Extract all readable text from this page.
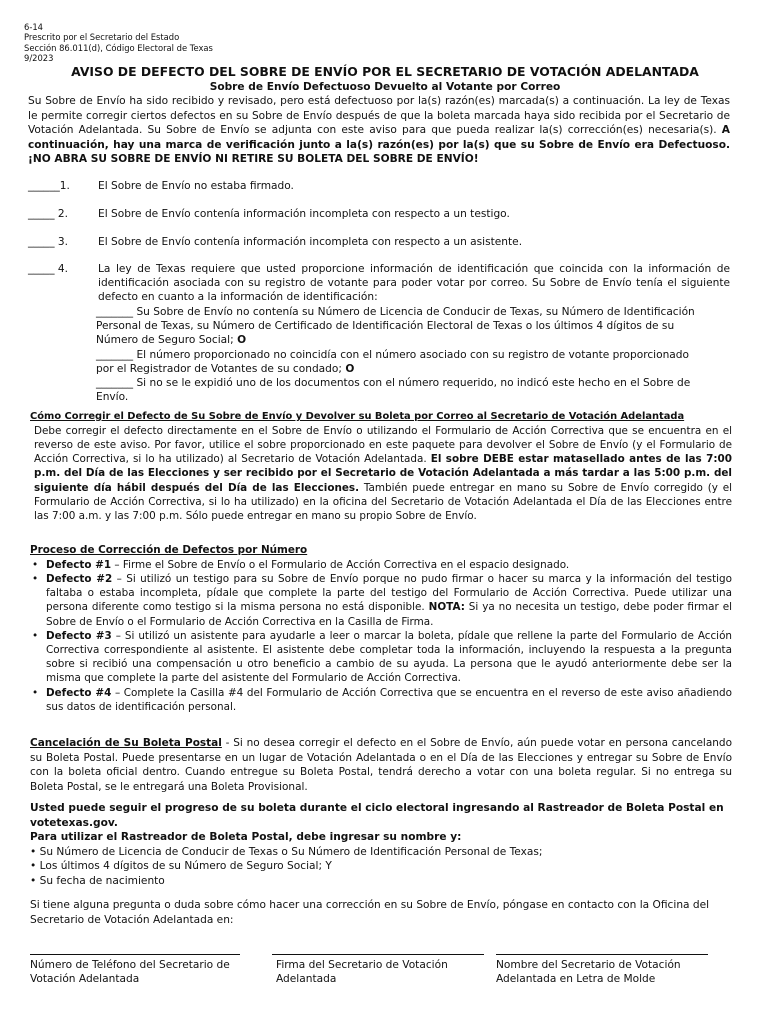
6-14
Prescrito por el Secretario del Estado
Sección 86.011(d), Código Electoral de Texas
9/2023
AVISO DE DEFECTO DEL SOBRE DE ENVÍO POR EL SECRETARIO DE VOTACIÓN ADELANTADA
Sobre de Envío Defectuoso Devuelto al Votante por Correo
Su Sobre de Envío ha sido recibido y revisado, pero está defectuoso por la(s) razón(es) marcada(s) a continuación. La ley de Texas le permite corregir ciertos defectos en su Sobre de Envío después de que la boleta marcada haya sido recibida por el Secretario de Votación Adelantada. Su Sobre de Envío se adjunta con este aviso para que pueda realizar la(s) corrección(es) necesaria(s). A continuación, hay una marca de verificación junto a la(s) razón(es) por la(s) que su Sobre de Envío era Defectuoso. ¡NO ABRA SU SOBRE DE ENVÍO NI RETIRE SU BOLETA DEL SOBRE DE ENVÍO!
______1.	El Sobre de Envío no estaba firmado.
_____ 2.	El Sobre de Envío contenía información incompleta con respecto a un testigo.
_____ 3.	El Sobre de Envío contenía información incompleta con respecto a un asistente.
_____ 4.	La ley de Texas requiere que usted proporcione información de identificación que coincida con la información de identificación asociada con su registro de votante para poder votar por correo. Su Sobre de Envío tenía el siguiente defecto en cuanto a la información de identificación:
_______ Su Sobre de Envío no contenía su Número de Licencia de Conducir de Texas, su Número de Identificación Personal de Texas, su Número de Certificado de Identificación Electoral de Texas o los últimos 4 dígitos de su Número de Seguro Social; O
_______ El número proporcionado no coincidía con el número asociado con su registro de votante proporcionado por el Registrador de Votantes de su condado; O
_______ Si no se le expidió uno de los documentos con el número requerido, no indicó este hecho en el Sobre de Envío.
Cómo Corregir el Defecto de Su Sobre de Envío y Devolver su Boleta por Correo al Secretario de Votación Adelantada
Debe corregir el defecto directamente en el Sobre de Envío o utilizando el Formulario de Acción Correctiva que se encuentra en el reverso de este aviso. Por favor, utilice el sobre proporcionado en este paquete para devolver el Sobre de Envío (y el Formulario de Acción Correctiva, si lo ha utilizado) al Secretario de Votación Adelantada. El sobre DEBE estar matasellado antes de las 7:00 p.m. del Día de las Elecciones y ser recibido por el Secretario de Votación Adelantada a más tardar a las 5:00 p.m. del siguiente día hábil después del Día de las Elecciones. También puede entregar en mano su Sobre de Envío corregido (y el Formulario de Acción Correctiva, si lo ha utilizado) en la oficina del Secretario de Votación Adelantada el Día de las Elecciones entre las 7:00 a.m. y las 7:00 p.m. Sólo puede entregar en mano su propio Sobre de Envío.
Proceso de Corrección de Defectos por Número
• Defecto #1 – Firme el Sobre de Envío o el Formulario de Acción Correctiva en el espacio designado.
• Defecto #2 – Si utilizó un testigo para su Sobre de Envío porque no pudo firmar o hacer su marca y la información del testigo faltaba o estaba incompleta, pídale que complete la parte del testigo del Formulario de Acción Correctiva. Puede utilizar una persona diferente como testigo si la misma persona no está disponible. NOTA: Si ya no necesita un testigo, debe poder firmar el Sobre de Envío o el Formulario de Acción Correctiva en la Casilla de Firma.
• Defecto #3 – Si utilizó un asistente para ayudarle a leer o marcar la boleta, pídale que rellene la parte del Formulario de Acción Correctiva correspondiente al asistente. El asistente debe completar toda la información, incluyendo la respuesta a la pregunta sobre si recibió una compensación u otro beneficio a cambio de su ayuda. La persona que le ayudó anteriormente debe ser la misma que complete la parte del asistente del Formulario de Acción Correctiva.
• Defecto #4 – Complete la Casilla #4 del Formulario de Acción Correctiva que se encuentra en el reverso de este aviso añadiendo sus datos de identificación personal.
Cancelación de Su Boleta Postal - Si no desea corregir el defecto en el Sobre de Envío, aún puede votar en persona cancelando su Boleta Postal. Puede presentarse en un lugar de Votación Adelantada o en el Día de las Elecciones y entregar su Sobre de Envío con la boleta oficial dentro. Cuando entregue su Boleta Postal, tendrá derecho a votar con una boleta regular. Si no entrega su Boleta Postal, se le entregará una Boleta Provisional.
Usted puede seguir el progreso de su boleta durante el ciclo electoral ingresando al Rastreador de Boleta Postal en votetexas.gov.
Para utilizar el Rastreador de Boleta Postal, debe ingresar su nombre y:
• Su Número de Licencia de Conducir de Texas o Su Número de Identificación Personal de Texas;
• Los últimos 4 dígitos de su Número de Seguro Social; Y
• Su fecha de nacimiento
Si tiene alguna pregunta o duda sobre cómo hacer una corrección en su Sobre de Envío, póngase en contacto con la Oficina del Secretario de Votación Adelantada en:
Número de Teléfono del Secretario de Votación Adelantada
Firma del Secretario de Votación Adelantada
Nombre del Secretario de Votación Adelantada en Letra de Molde
